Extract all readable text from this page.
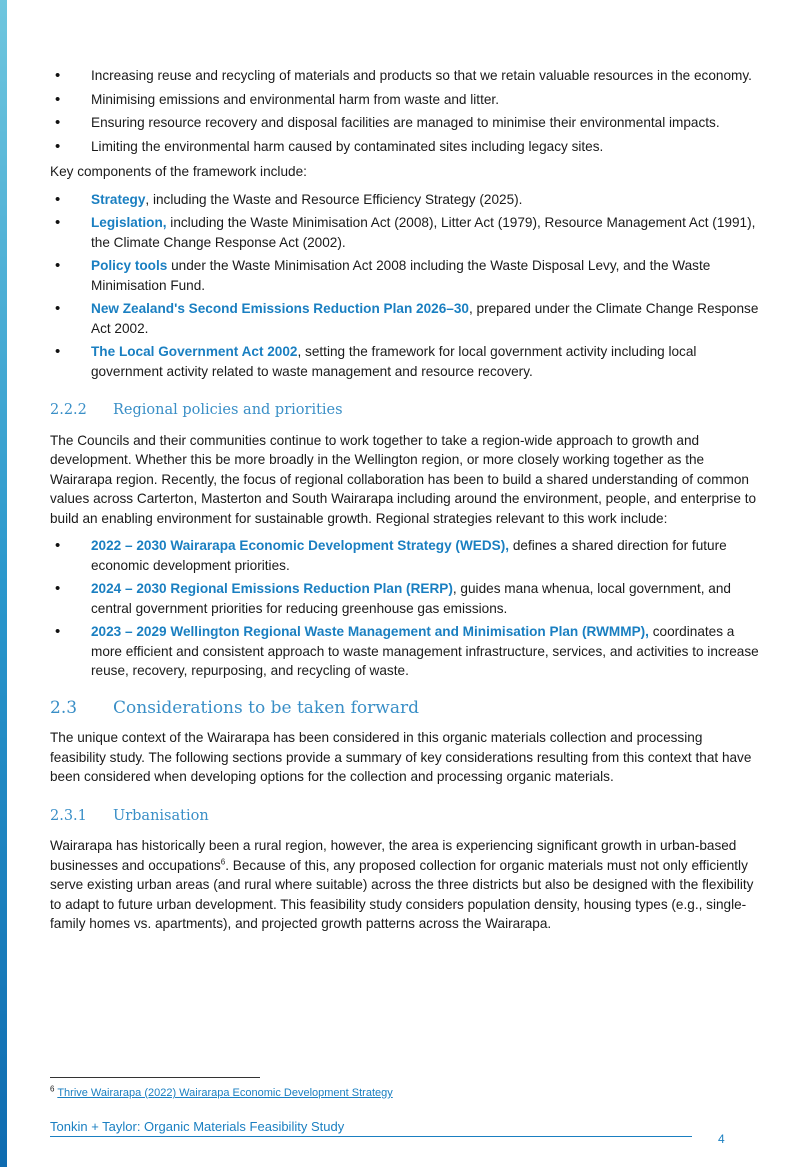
• Increasing reuse and recycling of materials and products so that we retain valuable resources in the economy.
• Minimising emissions and environmental harm from waste and litter.
• Ensuring resource recovery and disposal facilities are managed to minimise their environmental impacts.
• Limiting the environmental harm caused by contaminated sites including legacy sites.

Key components of the framework include:

• Strategy, including the Waste and Resource Efficiency Strategy (2025).
• Legislation, including the Waste Minimisation Act (2008), Litter Act (1979), Resource Management Act (1991), the Climate Change Response Act (2002).
• Policy tools under the Waste Minimisation Act 2008 including the Waste Disposal Levy, and the Waste Minimisation Fund.
• New Zealand's Second Emissions Reduction Plan 2026–30, prepared under the Climate Change Response Act 2002.
• The Local Government Act 2002, setting the framework for local government activity including local government activity related to waste management and resource recovery.
2.2.2 Regional policies and priorities

The Councils and their communities continue to work together to take a region-wide approach to growth and development. Whether this be more broadly in the Wellington region, or more closely working together as the Wairarapa region. Recently, the focus of regional collaboration has been to build a shared understanding of common values across Carterton, Masterton and South Wairarapa including around the environment, people, and enterprise to build an enabling environment for sustainable growth. Regional strategies relevant to this work include:

• 2022 – 2030 Wairarapa Economic Development Strategy (WEDS), defines a shared direction for future economic development priorities.
• 2024 – 2030 Regional Emissions Reduction Plan (RERP), guides mana whenua, local government, and central government priorities for reducing greenhouse gas emissions.
• 2023 – 2029 Wellington Regional Waste Management and Minimisation Plan (RWMMP), coordinates a more efficient and consistent approach to waste management infrastructure, services, and activities to increase reuse, recovery, repurposing, and recycling of waste.
2.3 Considerations to be taken forward

The unique context of the Wairarapa has been considered in this organic materials collection and processing feasibility study. The following sections provide a summary of key considerations resulting from this context that have been considered when developing options for the collection and processing organic materials.

2.3.1 Urbanisation

Wairarapa has historically been a rural region, however, the area is experiencing significant growth in urban-based businesses and occupations$^6$. Because of this, any proposed collection for organic materials must not only efficiently serve existing urban areas (and rural where suitable) across the three districts but also be designed with the flexibility to adapt to future urban development. This feasibility study considers population density, housing types (e.g., single-family homes vs. apartments), and projected growth patterns across the Wairarapa.

$^6$ Thrive Wairarapa (2022) Wairarapa Economic Development Strategy
Tonkin + Taylor: Organic Materials Feasibility Study
4
